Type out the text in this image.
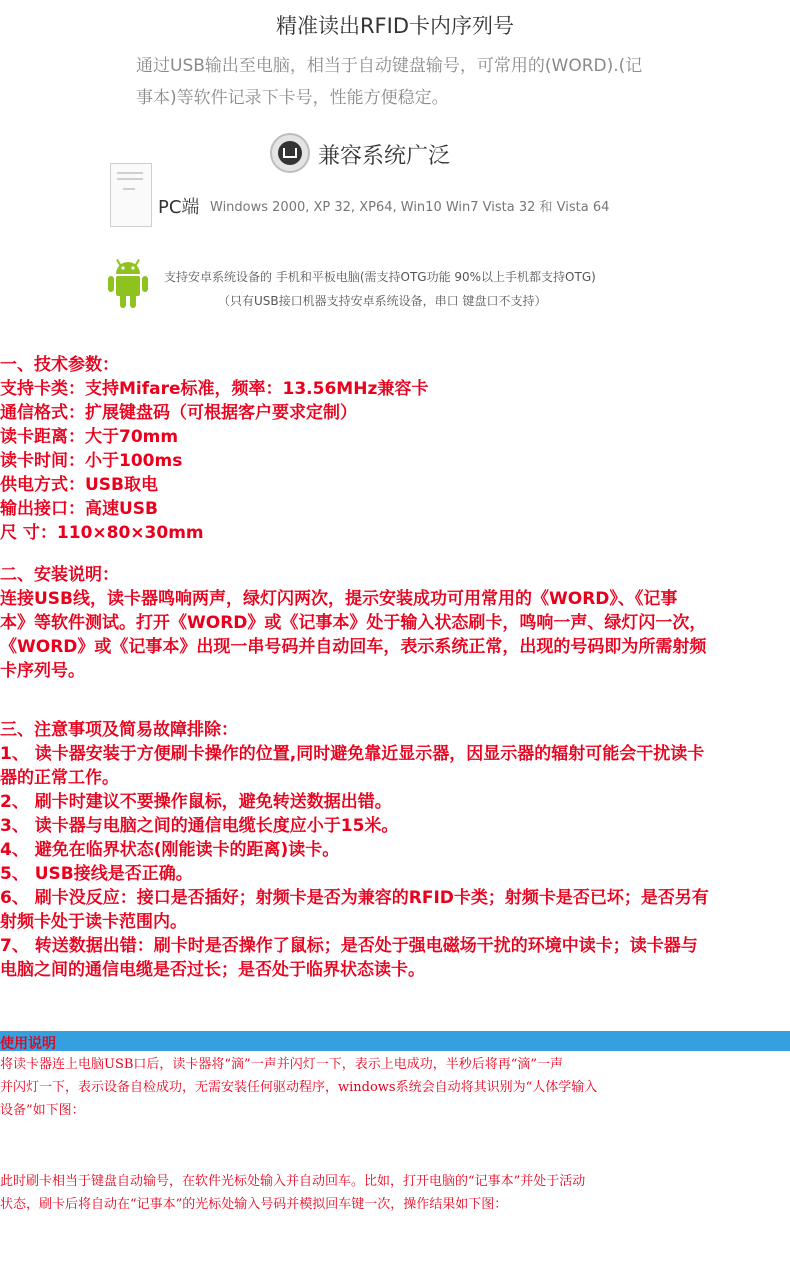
精准读出RFID卡内序列号
通过USB输出至电脑，相当于自动键盘输号，可常用的(WORD).(记
事本)等软件记录下卡号，性能方便稳定。
兼容系统广泛
PC端 Windows 2000, XP 32, XP64, Win10 Win7 Vista 32 和 Vista 64
支持安卓系统设备的 手机和平板电脑(需支持OTG功能 90%以上手机都支持OTG)
（只有USB接口机器支持安卓系统设备，串口 键盘口不支持）
一、技术参数：
支持卡类：支持Mifare标准，频率：13.56MHz兼容卡
通信格式：扩展键盘码（可根据客户要求定制）
读卡距离：大于70mm
读卡时间：小于100ms
供电方式：USB取电
输出接口：高速USB
尺 寸：110×80×30mm
二、安装说明：
连接USB线，读卡器鸣响两声，绿灯闪两次，提示安装成功可用常用的《WORD》、《记事
本》等软件测试。打开《WORD》或《记事本》处于输入状态刷卡，鸣响一声、绿灯闪一次，
《WORD》或《记事本》出现一串号码并自动回车，表示系统正常，出现的号码即为所需射频
卡序列号。
三、注意事项及简易故障排除：
1、 读卡器安装于方便刷卡操作的位置,同时避免靠近显示器，因显示器的辐射可能会干扰读卡
器的正常工作。
2、 刷卡时建议不要操作鼠标，避免转送数据出错。
3、 读卡器与电脑之间的通信电缆长度应小于15米。
4、 避免在临界状态(刚能读卡的距离)读卡。
5、 USB接线是否正确。
6、 刷卡没反应：接口是否插好；射频卡是否为兼容的RFID卡类；射频卡是否已坏；是否另有
射频卡处于读卡范围内。
7、 转送数据出错：刷卡时是否操作了鼠标；是否处于强电磁场干扰的环境中读卡；读卡器与
电脑之间的通信电缆是否过长；是否处于临界状态读卡。
使用说明
将读卡器连上电脑USB口后，读卡器将“滴”一声并闪灯一下，表示上电成功，半秒后将再“滴”一声
并闪灯一下，表示设备自检成功，无需安装任何驱动程序，windows系统会自动将其识别为“人体学输入
设备”如下图：
此时刷卡相当于键盘自动输号，在软件光标处输入并自动回车。比如，打开电脑的“记事本”并处于活动
状态，刷卡后将自动在“记事本”的光标处输入号码并模拟回车键一次，操作结果如下图：
